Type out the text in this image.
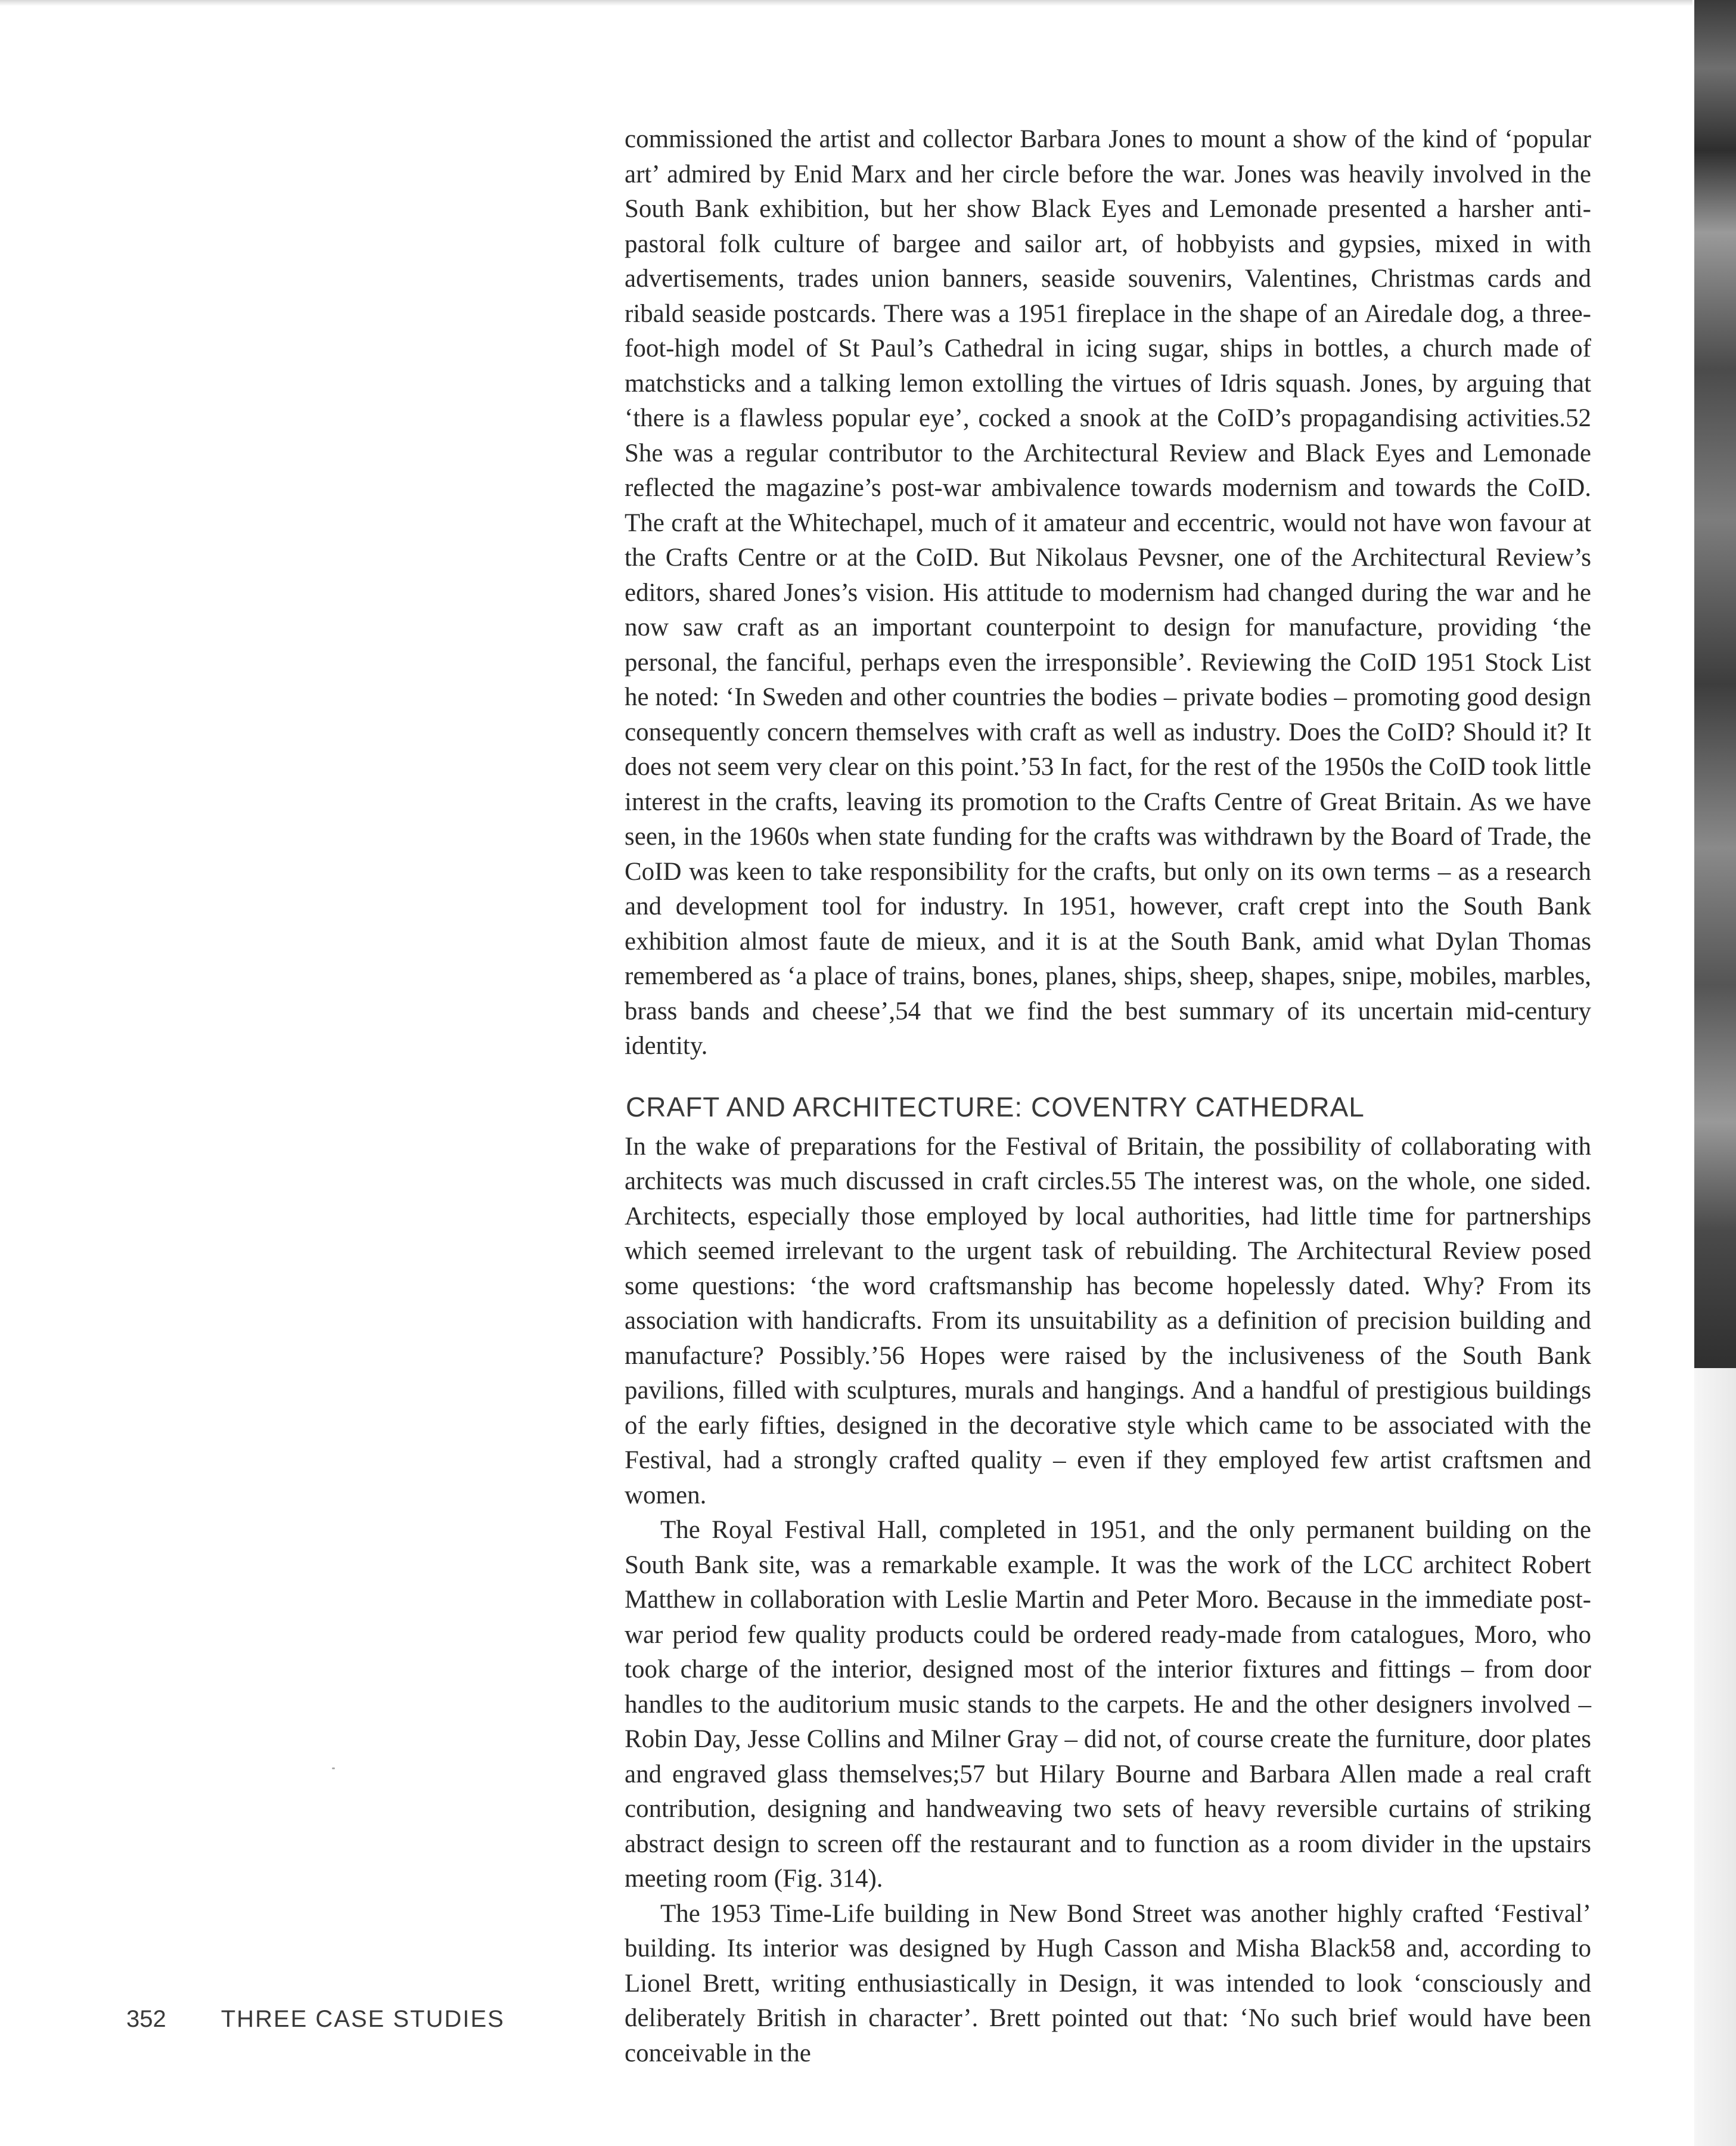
commissioned the artist and collector Barbara Jones to mount a show of the kind of ‘popular art’ admired by Enid Marx and her circle before the war. Jones was heavily involved in the South Bank exhibition, but her show Black Eyes and Lemonade presented a harsher anti-pastoral folk culture of bargee and sailor art, of hobbyists and gypsies, mixed in with advertisements, trades union banners, seaside souvenirs, Valentines, Christmas cards and ribald seaside postcards. There was a 1951 fireplace in the shape of an Airedale dog, a three-foot-high model of St Paul’s Cathedral in icing sugar, ships in bottles, a church made of matchsticks and a talking lemon extolling the virtues of Idris squash. Jones, by arguing that ‘there is a flawless popular eye’, cocked a snook at the CoID’s propagandising activities.52 She was a regular contributor to the Architectural Review and Black Eyes and Lemonade reflected the magazine’s post-war ambivalence towards modernism and towards the CoID. The craft at the Whitechapel, much of it amateur and eccentric, would not have won favour at the Crafts Centre or at the CoID. But Nikolaus Pevsner, one of the Architectural Review’s editors, shared Jones’s vision. His attitude to modernism had changed during the war and he now saw craft as an important counterpoint to design for manufacture, providing ‘the personal, the fanciful, perhaps even the irresponsible’. Reviewing the CoID 1951 Stock List he noted: ‘In Sweden and other countries the bodies – private bodies – promoting good design consequently concern themselves with craft as well as industry. Does the CoID? Should it? It does not seem very clear on this point.’53 In fact, for the rest of the 1950s the CoID took little interest in the crafts, leaving its promotion to the Crafts Centre of Great Britain. As we have seen, in the 1960s when state funding for the crafts was withdrawn by the Board of Trade, the CoID was keen to take responsibility for the crafts, but only on its own terms – as a research and development tool for industry. In 1951, however, craft crept into the South Bank exhibition almost faute de mieux, and it is at the South Bank, amid what Dylan Thomas remembered as ‘a place of trains, bones, planes, ships, sheep, shapes, snipe, mobiles, marbles, brass bands and cheese’,54 that we find the best summary of its uncertain mid-century identity.

CRAFT AND ARCHITECTURE: COVENTRY CATHEDRAL

In the wake of preparations for the Festival of Britain, the possibility of collaborating with architects was much discussed in craft circles.55 The interest was, on the whole, one sided. Architects, especially those employed by local authorities, had little time for partnerships which seemed irrelevant to the urgent task of rebuilding. The Architectural Review posed some questions: ‘the word craftsmanship has become hopelessly dated. Why? From its association with handicrafts. From its unsuitability as a definition of precision building and manufacture? Possibly.’56 Hopes were raised by the inclusiveness of the South Bank pavilions, filled with sculptures, murals and hangings. And a handful of prestigious buildings of the early fifties, designed in the decorative style which came to be associated with the Festival, had a strongly crafted quality – even if they employed few artist craftsmen and women.

The Royal Festival Hall, completed in 1951, and the only permanent building on the South Bank site, was a remarkable example. It was the work of the LCC architect Robert Matthew in collaboration with Leslie Martin and Peter Moro. Because in the immediate post-war period few quality products could be ordered ready-made from catalogues, Moro, who took charge of the interior, designed most of the interior fixtures and fittings – from door handles to the auditorium music stands to the carpets. He and the other designers involved – Robin Day, Jesse Collins and Milner Gray – did not, of course create the furniture, door plates and engraved glass themselves;57 but Hilary Bourne and Barbara Allen made a real craft contribution, designing and handweaving two sets of heavy reversible curtains of striking abstract design to screen off the restaurant and to function as a room divider in the upstairs meeting room (Fig. 314).

The 1953 Time-Life building in New Bond Street was another highly crafted ‘Festival’ building. Its interior was designed by Hugh Casson and Misha Black58 and, according to Lionel Brett, writing enthusiastically in Design, it was intended to look ‘consciously and deliberately British in character’. Brett pointed out that: ‘No such brief would have been conceivable in the

352 THREE CASE STUDIES
